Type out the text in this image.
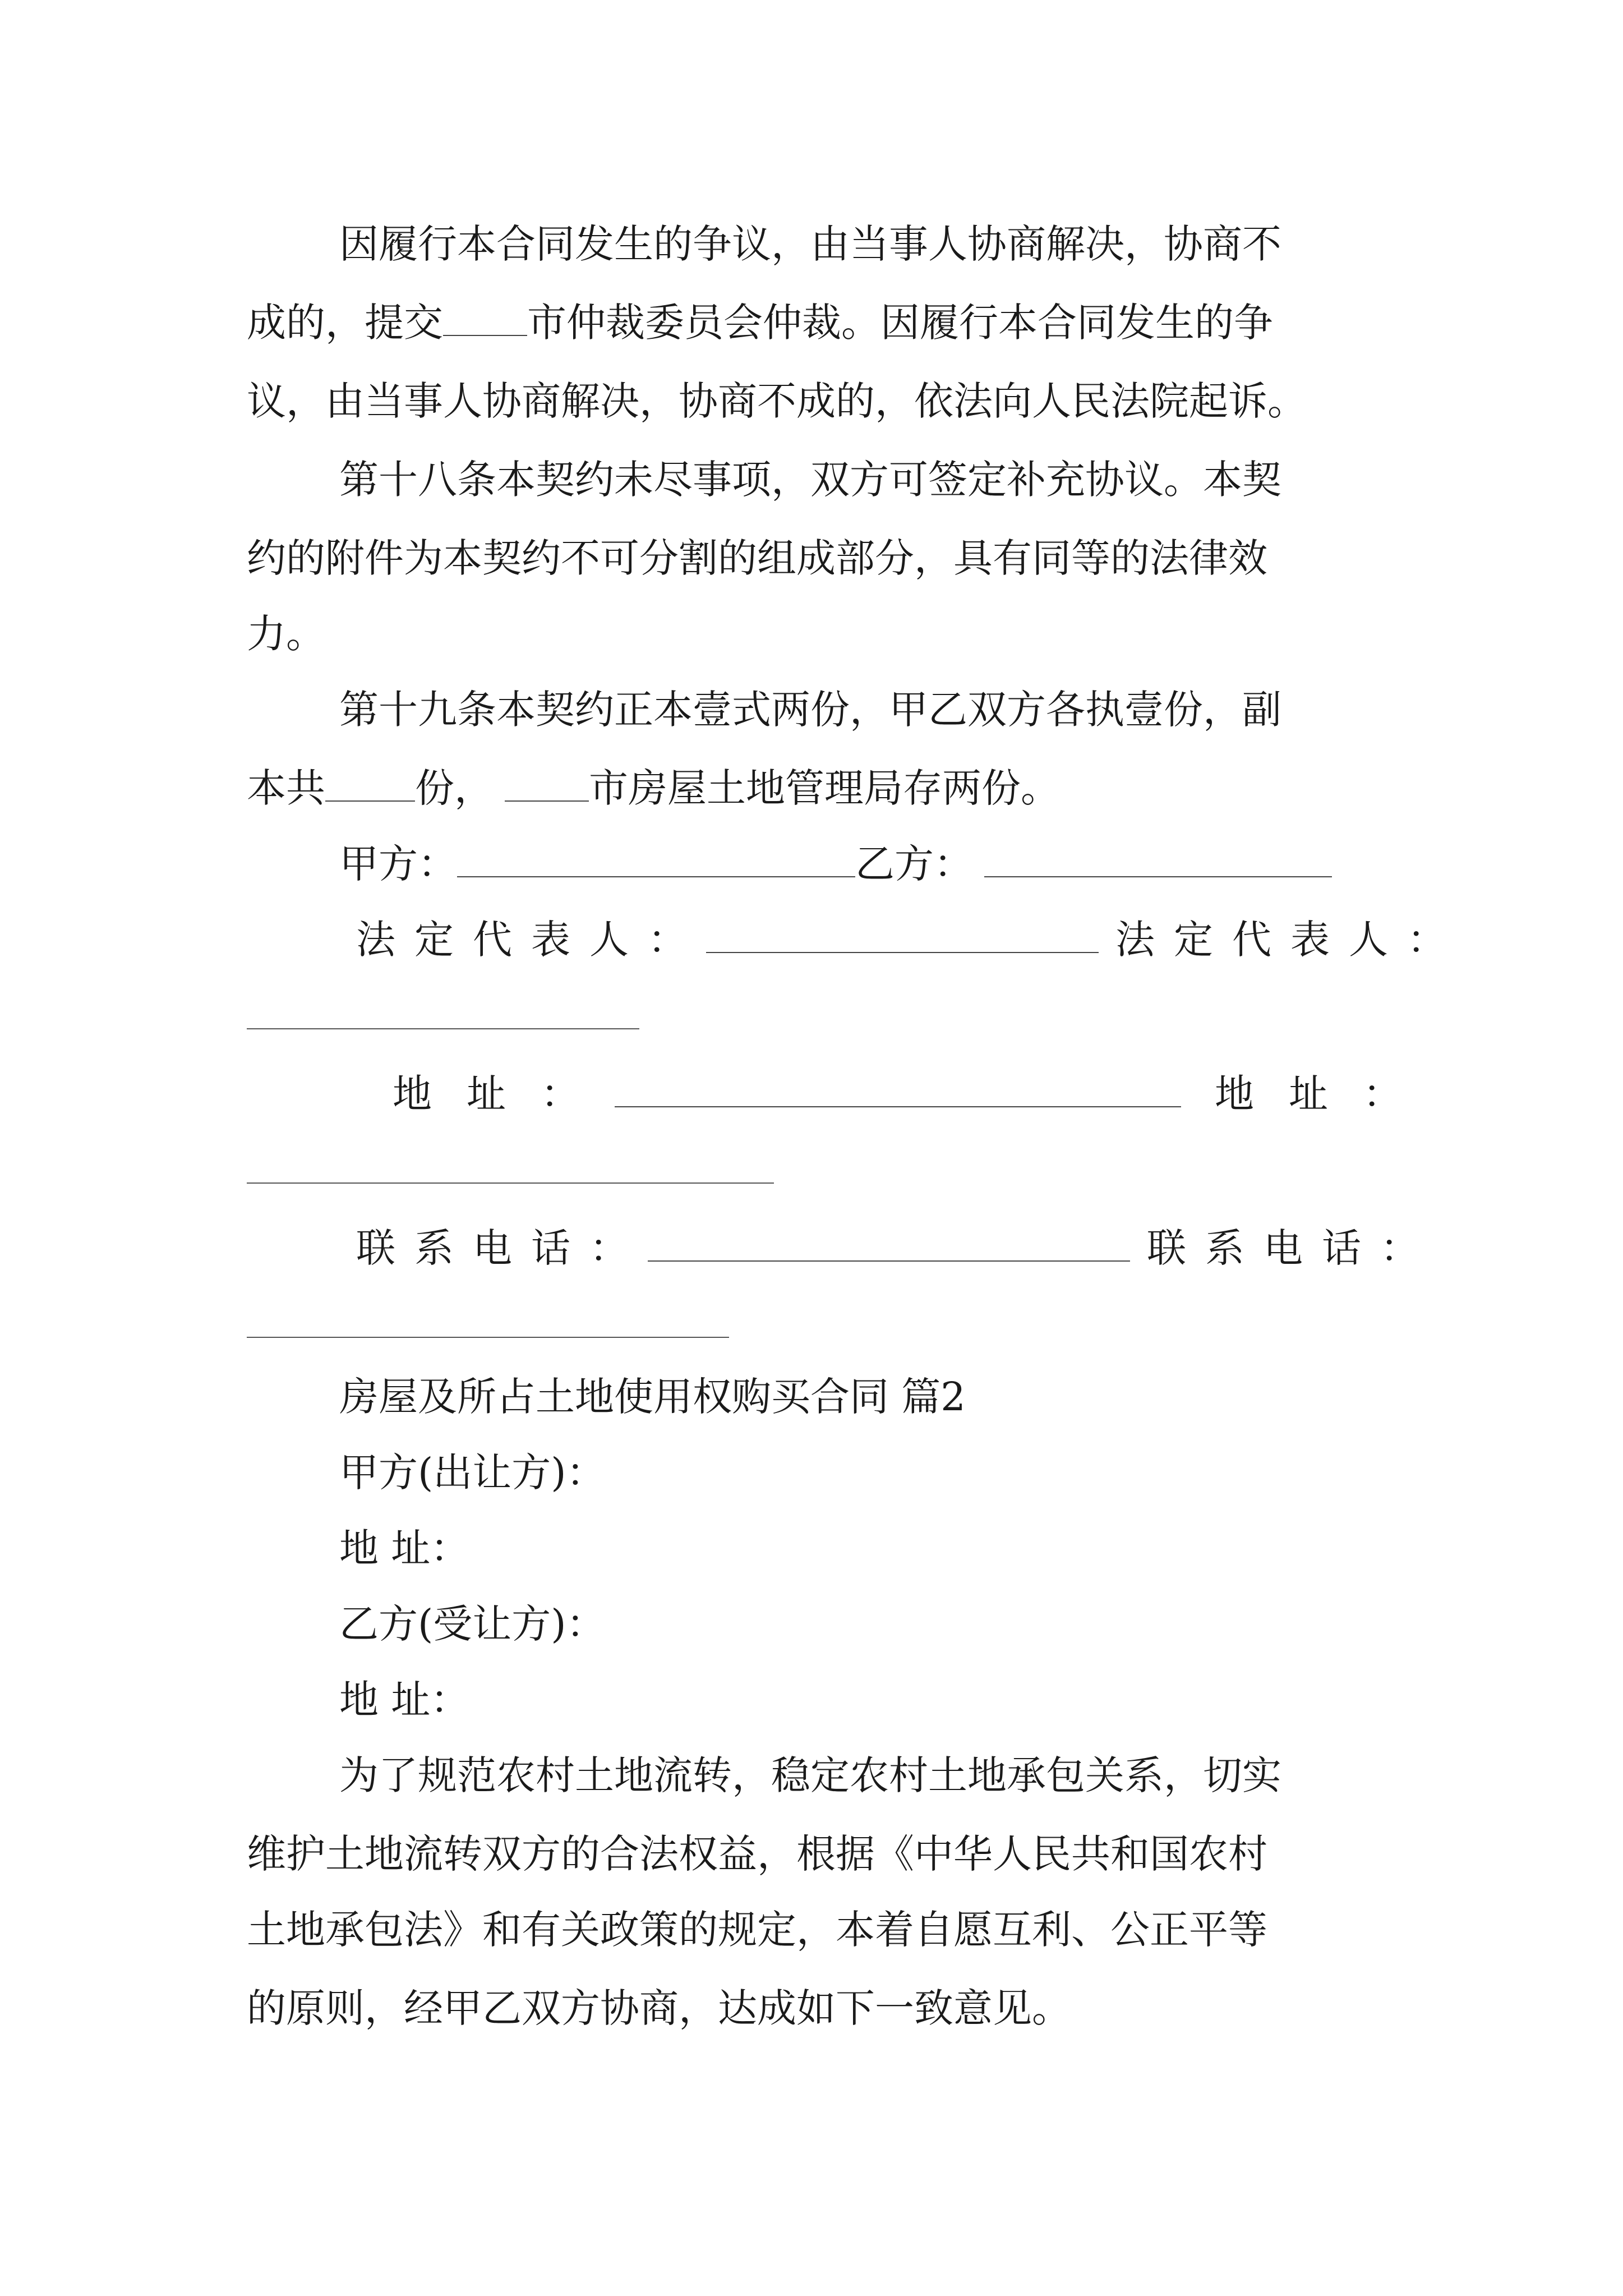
因履行本合同发生的争议，由当事人协商解决，协商不
成的，提交 市仲裁委员会仲裁。因履行本合同发生的争
议，由当事人协商解决，协商不成的，依法向人民法院起诉。
第十八条本契约未尽事项，双方可签定补充协议。本契
约的附件为本契约不可分割的组成部分，具有同等的法律效
力。
第十九条本契约正本壹式两份，甲乙双方各执壹份，副
本共 份， 市房屋土地管理局存两份。
甲方：	乙方：
法定代表人：	法定代表人：
地址：	地址：
联系电话：	联系电话：
房屋及所占土地使用权购买合同 篇2
甲方(出让方)：
地 址：
乙方(受让方)：
地 址：
为了规范农村土地流转，稳定农村土地承包关系，切实
维护土地流转双方的合法权益，根据《中华人民共和国农村
土地承包法》和有关政策的规定，本着自愿互利、公正平等
的原则，经甲乙双方协商，达成如下一致意见。
